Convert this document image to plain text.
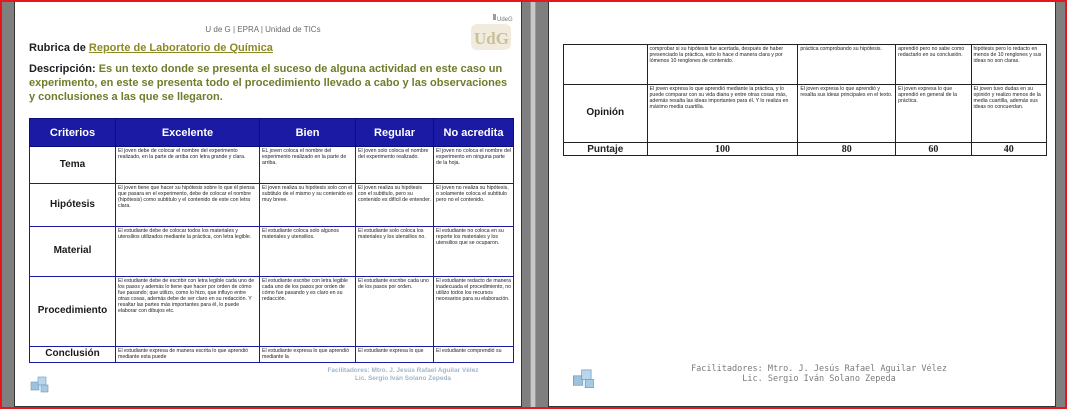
U de G | EPRA | Unidad de TICs
UdeG
UdG
Rubrica de Reporte de Laboratorio de Química
Descripción: Es un texto donde se presenta el suceso de alguna actividad en este caso un experimento, en este se presenta todo el procedimiento llevado a cabo y las observaciones y conclusiones a las que se llegaron.
Criterios	Excelente	Bien	Regular	No acredita
Tema	El joven debe de colocar el nombre del experimento realizado, en la parte de arriba con letra grande y clara.	EL joven coloca el nombre del experimento realizado en la parte de arriba.	El joven solo coloca el nombre del experimento realizado.	El joven no coloca el nombre del experimento en ninguna parte de la hoja.
Hipótesis	El joven tiene que hacer su hipótesis sobre lo que él piensa que pasara en el experimento, debe de colocar el nombre (hipótesis) como subtitulo y el contenido de este con letra clara.	El joven realiza su hipótesis solo con el subtitulo de el mismo y su contenido es muy breve.	El joven realiza su hipótesis con el subtitulo, pero su contenido es difícil de entender.	El joven no realiza su hipótesis, o solamente coloca el subtitulo pero no el contenido.
Material	El estudiante debe de colocar todos los materiales y utensilios utilizados mediante la práctica, con letra legible.	El estudiante coloca solo algunos materiales y utensilios.	El estudiante solo coloca los materiales y los utensilios no.	El estudiante no coloca en su reporte los materiales y los utensilios que se ocuparon.
Procedimiento	El estudiante debe de escribir con letra legible cada uno de los pasos y además lo tiene que hacer por orden de cómo fue pasando; que utilizo, como lo hizo, que influyo entre otras cosas, además debe de ser claro en su redacción. Y resaltar las partes más importantes para él, lo puede elaborar con dibujos etc.	El estudiante escribe con letra legible cada uno de los pasos por orden de cómo fue pasando y es claro en su redacción.	El estudiante escribe cada uno de los pasos por orden.	El estudiante redacto de manera inadecuada el procedimiento, no utilizo todos los recursos necesarios para su elaboración.
Conclusión	El estudiante expresa de manera escrita lo que aprendió mediante esta puede	El estudiante expresa lo que aprendió mediante la	El estudiante expresa lo que	El estudiante comprendió su
Facilitadores: Mtro. J. Jesús Rafael Aguilar Vélez
Lic. Sergio Iván Solano Zepeda
	comprobar si su hipótesis fue acertada, después de haber presenciado la práctica, esto lo hace d manera clara y por lómenos 10 renglones de contenido.	práctica comprobando su hipótesis.	aprendió pero no sabe como redactarlo en su conclusión.	hipótesis pero lo redacto en menos de 10 renglones y sus ideas no son claras.
Opinión	El joven expresa lo que aprendió mediante la práctica, y lo puede comparar con su vida diaria y entre otras cosas más, además resalta las ideas importantes para él. Y lo realiza en máximo media cuartilla.	El joven expresa lo que aprendió y resalta sus ideas principales en el texto.	El joven expresa lo que aprendió en general de la práctica.	El joven tuvo dudas en su opinión y realizo menos de la media cuartilla, además sus ideas no concuerdan.
Puntaje	100	80	60	40
Facilitadores: Mtro. J. Jesús Rafael Aguilar Vélez
Lic. Sergio Iván Solano Zepeda
